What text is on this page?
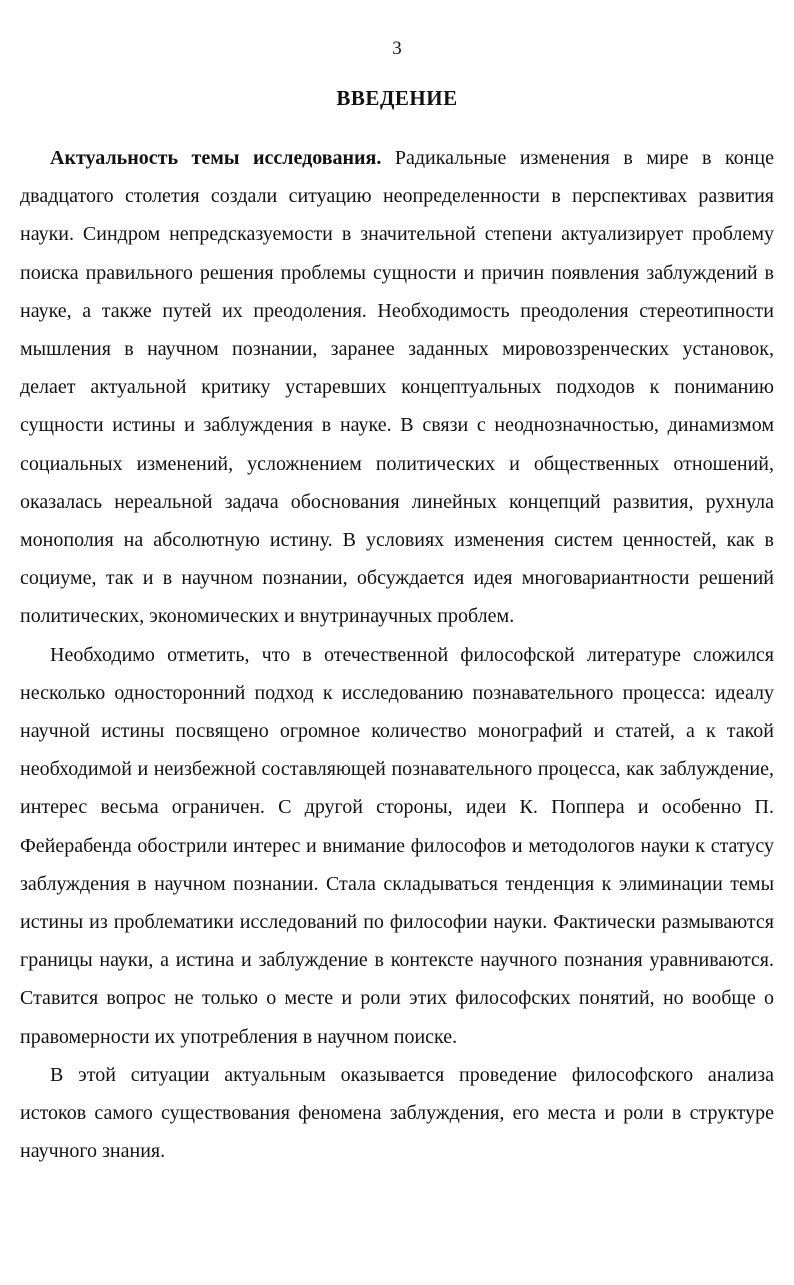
3
ВВЕДЕНИЕ

Актуальность темы исследования. Радикальные изменения в мире в конце двадцатого столетия создали ситуацию неопределенности в перспективах развития науки. Синдром непредсказуемости в значительной степени актуализирует проблему поиска правильного решения проблемы сущности и причин появления заблуждений в науке, а также путей их преодоления. Необходимость преодоления стереотипности мышления в научном познании, заранее заданных мировоззренческих установок, делает актуальной критику устаревших концептуальных подходов к пониманию сущности истины и заблуждения в науке. В связи с неоднозначностью, динамизмом социальных изменений, усложнением политических и общественных отношений, оказалась нереальной задача обоснования линейных концепций развития, рухнула монополия на абсолютную истину. В условиях изменения систем ценностей, как в социуме, так и в научном познании, обсуждается идея многовариантности решений политических, экономических и внутринаучных проблем.

Необходимо отметить, что в отечественной философской литературе сложился несколько односторонний подход к исследованию познавательного процесса: идеалу научной истины посвящено огромное количество монографий и статей, а к такой необходимой и неизбежной составляющей познавательного процесса, как заблуждение, интерес весьма ограничен. С другой стороны, идеи К. Поппера и особенно П. Фейерабенда обострили интерес и внимание философов и методологов науки к статусу заблуждения в научном познании. Стала складываться тенденция к элиминации темы истины из проблематики исследований по философии науки. Фактически размываются границы науки, а истина и заблуждение в контексте научного познания уравниваются. Ставится вопрос не только о месте и роли этих философских понятий, но вообще о правомерности их употребления в научном поиске.

В этой ситуации актуальным оказывается проведение философского анализа истоков самого существования феномена заблуждения, его места и роли в структуре научного знания.
